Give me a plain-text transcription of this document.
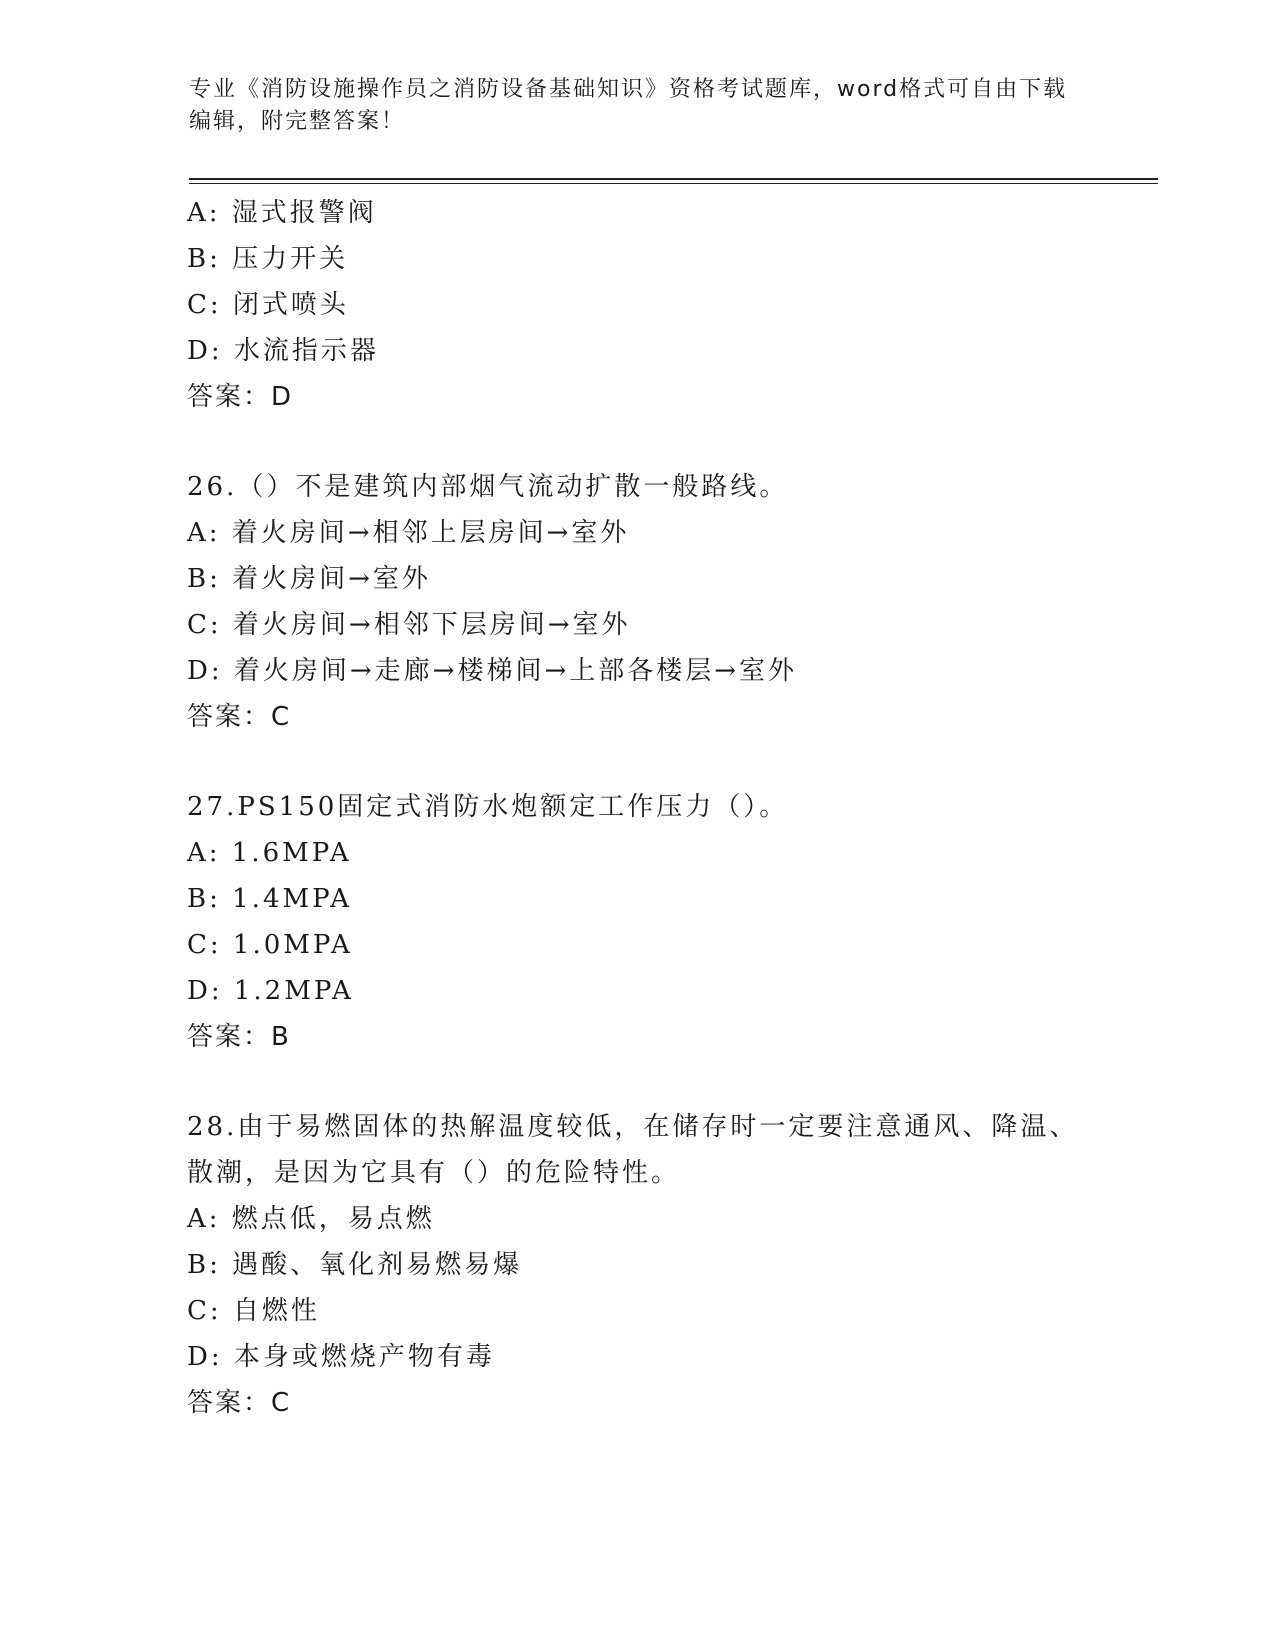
专业《消防设施操作员之消防设备基础知识》资格考试题库，word格式可自由下载编辑，附完整答案！
A: 湿式报警阀
B: 压力开关
C: 闭式喷头
D: 水流指示器
答案：D
26.（）不是建筑内部烟气流动扩散一般路线。
A: 着火房间→相邻上层房间→室外
B: 着火房间→室外
C: 着火房间→相邻下层房间→室外
D: 着火房间→走廊→楼梯间→上部各楼层→室外
答案：C
27.PS150固定式消防水炮额定工作压力（）。
A: 1.6MPA
B: 1.4MPA
C: 1.0MPA
D: 1.2MPA
答案：B
28.由于易燃固体的热解温度较低，在储存时一定要注意通风、降温、
散潮，是因为它具有（）的危险特性。
A: 燃点低，易点燃
B: 遇酸、氧化剂易燃易爆
C: 自燃性
D: 本身或燃烧产物有毒
答案：C
